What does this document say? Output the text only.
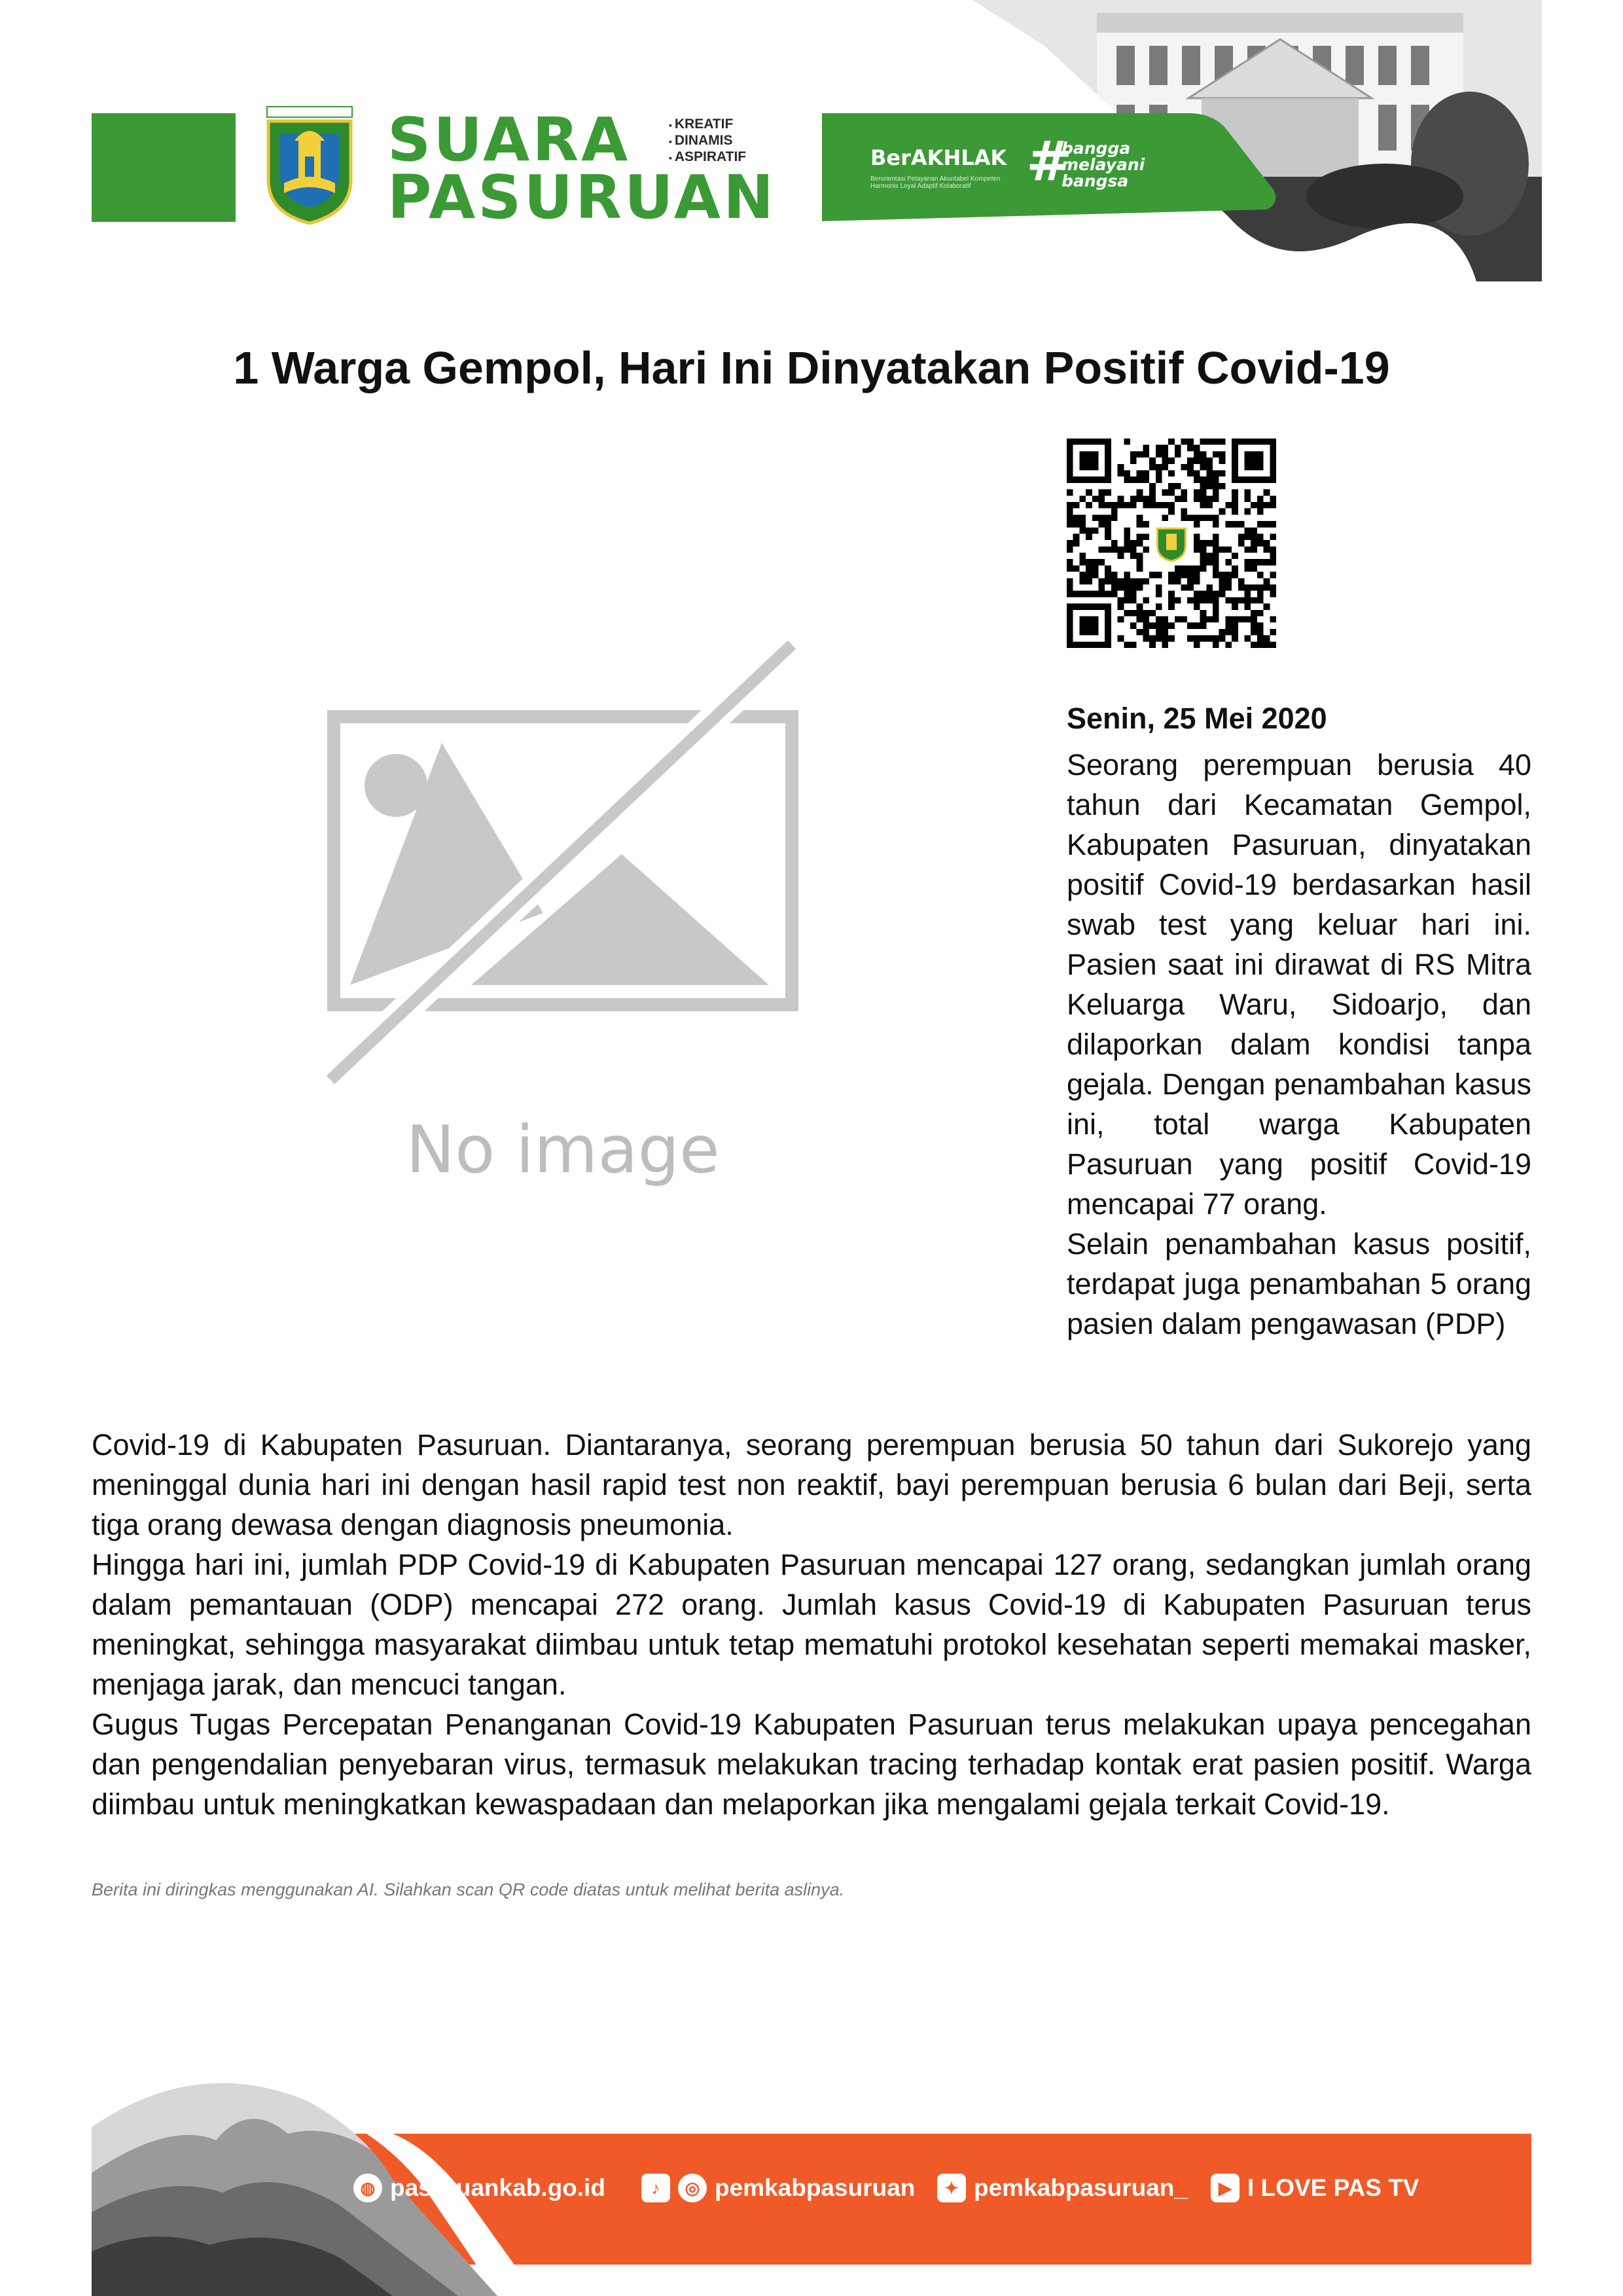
SUARA
PASURUAN
▪ KREATIF
▪ DINAMIS
▪ ASPIRATIF	BerAKHLAK
Berorientasi Pelayanan Akuntabel Kompeten Harmonis Loyal Adaptif Kolaboratif	#
bangga
melayani
bangsa
1 Warga Gempol, Hari Ini Dinyatakan Positif Covid-19
No image
Senin, 25 Mei 2020

Seorang perempuan berusia 40 tahun dari Kecamatan Gempol, Kabupaten Pasuruan, dinyatakan positif Covid-19 berdasarkan hasil swab test yang keluar hari ini. Pasien saat ini dirawat di RS Mitra Keluarga Waru, Sidoarjo, dan dilaporkan dalam kondisi tanpa gejala. Dengan penambahan kasus ini, total warga Kabupaten Pasuruan yang positif Covid-19 mencapai 77 orang.

Selain penambahan kasus positif, terdapat juga penambahan 5 orang pasien dalam pengawasan (PDP)

Covid-19 di Kabupaten Pasuruan. Diantaranya, seorang perempuan berusia 50 tahun dari Sukorejo yang meninggal dunia hari ini dengan hasil rapid test non reaktif, bayi perempuan berusia 6 bulan dari Beji, serta tiga orang dewasa dengan diagnosis pneumonia.

Hingga hari ini, jumlah PDP Covid-19 di Kabupaten Pasuruan mencapai 127 orang, sedangkan jumlah orang dalam pemantauan (ODP) mencapai 272 orang. Jumlah kasus Covid-19 di Kabupaten Pasuruan terus meningkat, sehingga masyarakat diimbau untuk tetap mematuhi protokol kesehatan seperti memakai masker, menjaga jarak, dan mencuci tangan.

Gugus Tugas Percepatan Penanganan Covid-19 Kabupaten Pasuruan terus melakukan upaya pencegahan dan pengendalian penyebaran virus, termasuk melakukan tracing terhadap kontak erat pasien positif. Warga diimbau untuk meningkatkan kewaspadaan dan melaporkan jika mengalami gejala terkait Covid-19.

Berita ini diringkas menggunakan AI. Silahkan scan QR code diatas untuk melihat berita aslinya.
◍ pasuruankab.go.id	♪	◎ pemkabpasuruan	✦ pemkabpasuruan_	▶ I LOVE PAS TV
